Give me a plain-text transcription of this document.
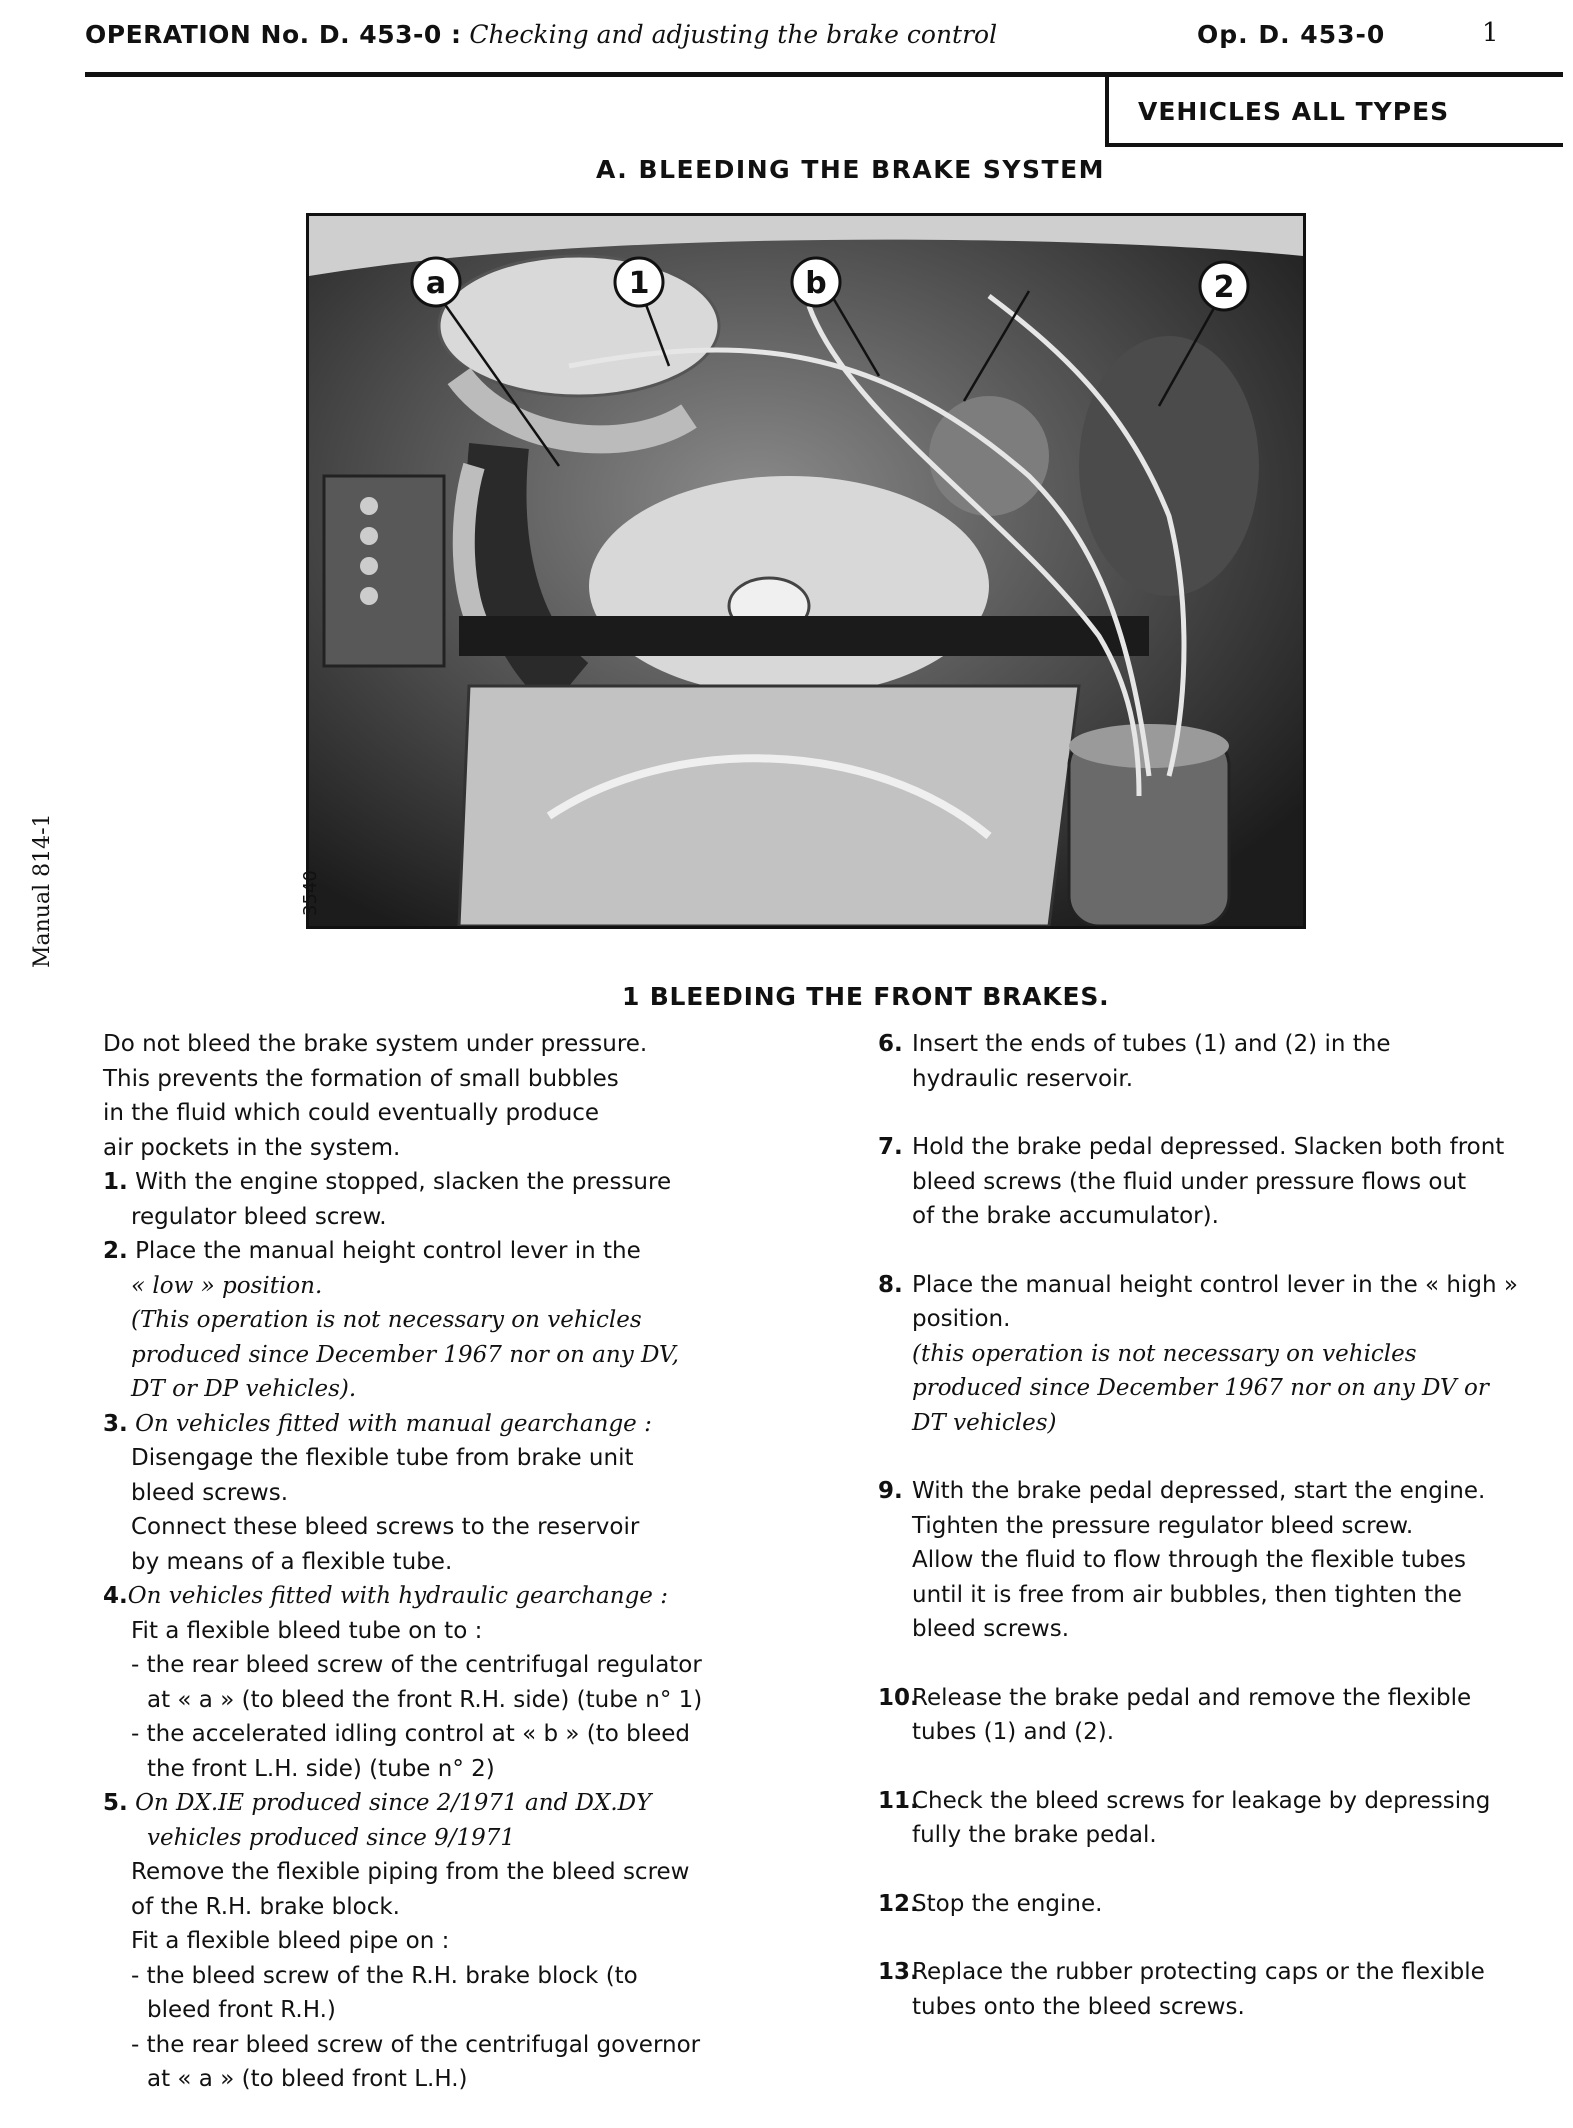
OPERATION No. D. 453-0 : Checking and adjusting the brake control	Op. D. 453-0	1
VEHICLES ALL TYPES
Manual 814-1
A. BLEEDING THE BRAKE SYSTEM
a	1	b	2
3540
1 BLEEDING THE FRONT BRAKES.

Do not bleed the brake system under pressure.

This prevents the formation of small bubbles

in the fluid which could eventually produce

air pockets in the system.

1. With the engine stopped, slacken the pressure

regulator bleed screw.

2. Place the manual height control lever in the

« low » position.

(This operation is not necessary on vehicles

produced since December 1967 nor on any DV,

DT or DP vehicles).

3. On vehicles fitted with manual gearchange :

Disengage the flexible tube from brake unit

bleed screws.

Connect these bleed screws to the reservoir

by means of a flexible tube.

4.On vehicles fitted with hydraulic gearchange :

Fit a flexible bleed tube on to :

- the rear bleed screw of the centrifugal regulator

at « a » (to bleed the front R.H. side) (tube n° 1)

- the accelerated idling control at « b » (to bleed

the front L.H. side) (tube n° 2)

5. On DX.IE produced since 2/1971 and DX.DY

vehicles produced since 9/1971

Remove the flexible piping from the bleed screw

of the R.H. brake block.

Fit a flexible bleed pipe on :

- the bleed screw of the R.H. brake block (to

bleed front R.H.)

- the rear bleed screw of the centrifugal governor

at « a » (to bleed front L.H.)

6. Insert the ends of tubes (1) and (2) in the

hydraulic reservoir.

7. Hold the brake pedal depressed. Slacken both front

bleed screws (the fluid under pressure flows out

of the brake accumulator).

8. Place the manual height control lever in the « high »

position.

(this operation is not necessary on vehicles

produced since December 1967 nor on any DV or

DT vehicles)

9. With the brake pedal depressed, start the engine.

Tighten the pressure regulator bleed screw.

Allow the fluid to flow through the flexible tubes

until it is free from air bubbles, then tighten the

bleed screws.

10.

Release the brake pedal and remove the flexible

tubes (1) and (2).

11.

Check the bleed screws for leakage by depressing

fully the brake pedal.

12.

Stop the engine.

13.

Replace the rubber protecting caps or the flexible

tubes onto the bleed screws.
